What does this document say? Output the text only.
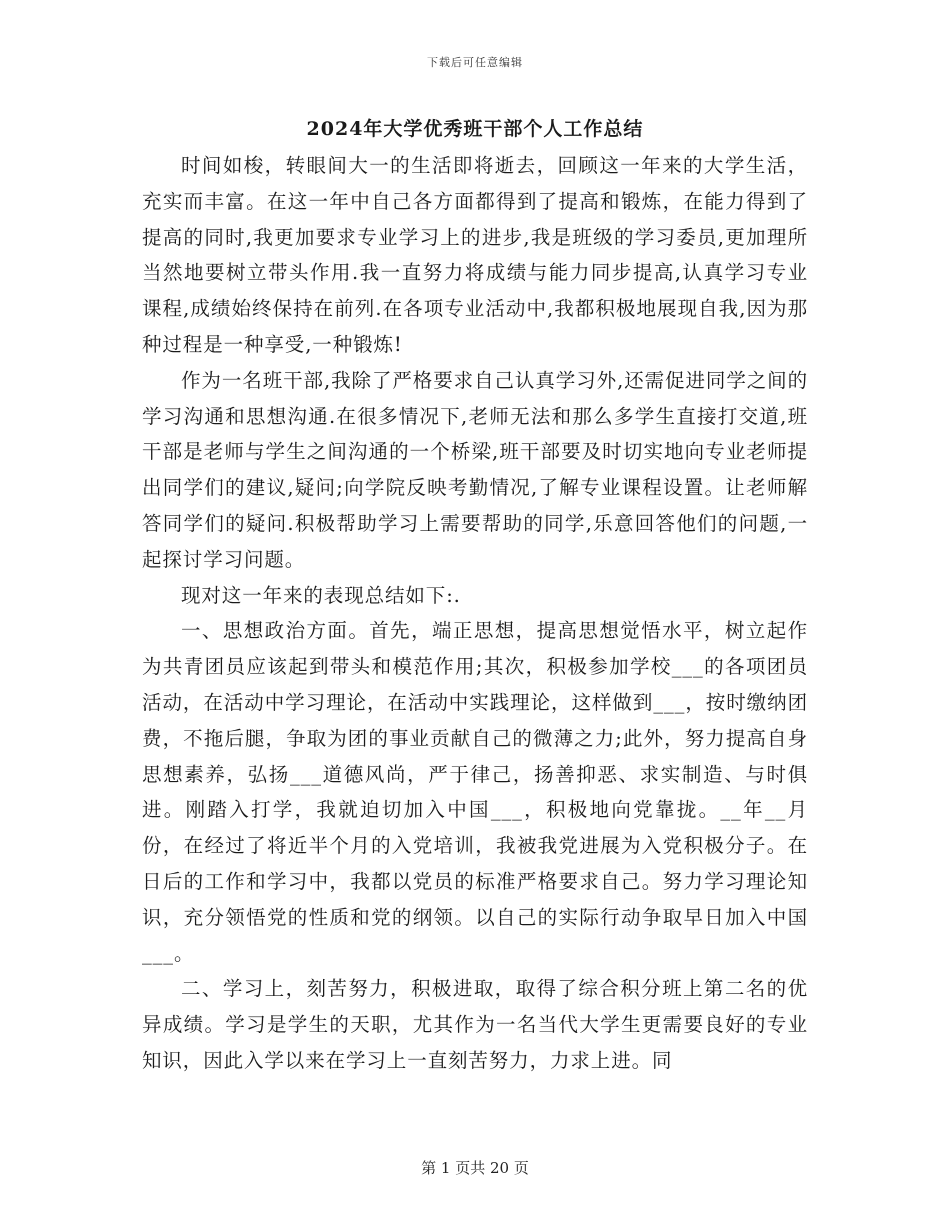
下载后可任意编辑
2024年大学优秀班干部个人工作总结

时间如梭，转眼间大一的生活即将逝去，回顾这一年来的大学生活，充实而丰富。在这一年中自己各方面都得到了提高和锻炼，在能力得到了提高的同时,我更加要求专业学习上的进步,我是班级的学习委员,更加理所当然地要树立带头作用.我一直努力将成绩与能力同步提高,认真学习专业课程,成绩始终保持在前列.在各项专业活动中,我都积极地展现自我,因为那种过程是一种享受,一种锻炼!

作为一名班干部,我除了严格要求自己认真学习外,还需促进同学之间的学习沟通和思想沟通.在很多情况下,老师无法和那么多学生直接打交道,班干部是老师与学生之间沟通的一个桥梁,班干部要及时切实地向专业老师提出同学们的建议,疑问;向学院反映考勤情况,了解专业课程设置。让老师解答同学们的疑问.积极帮助学习上需要帮助的同学,乐意回答他们的问题,一起探讨学习问题。

现对这一年来的表现总结如下:.

一、思想政治方面。首先，端正思想，提高思想觉悟水平，树立起作为共青团员应该起到带头和模范作用;其次，积极参加学校___的各项团员活动，在活动中学习理论，在活动中实践理论，这样做到___，按时缴纳团费，不拖后腿，争取为团的事业贡献自己的微薄之力;此外，努力提高自身思想素养，弘扬___道德风尚，严于律己，扬善抑恶、求实制造、与时俱进。刚踏入打学，我就迫切加入中国___，积极地向党靠拢。__年__月份，在经过了将近半个月的入党培训，我被我党进展为入党积极分子。在日后的工作和学习中，我都以党员的标准严格要求自己。努力学习理论知识，充分领悟党的性质和党的纲领。以自己的实际行动争取早日加入中国___。

二、学习上，刻苦努力，积极进取，取得了综合积分班上第二名的优异成绩。学习是学生的天职，尤其作为一名当代大学生更需要良好的专业知识，因此入学以来在学习上一直刻苦努力，力求上进。同

第 1 页共 20 页
